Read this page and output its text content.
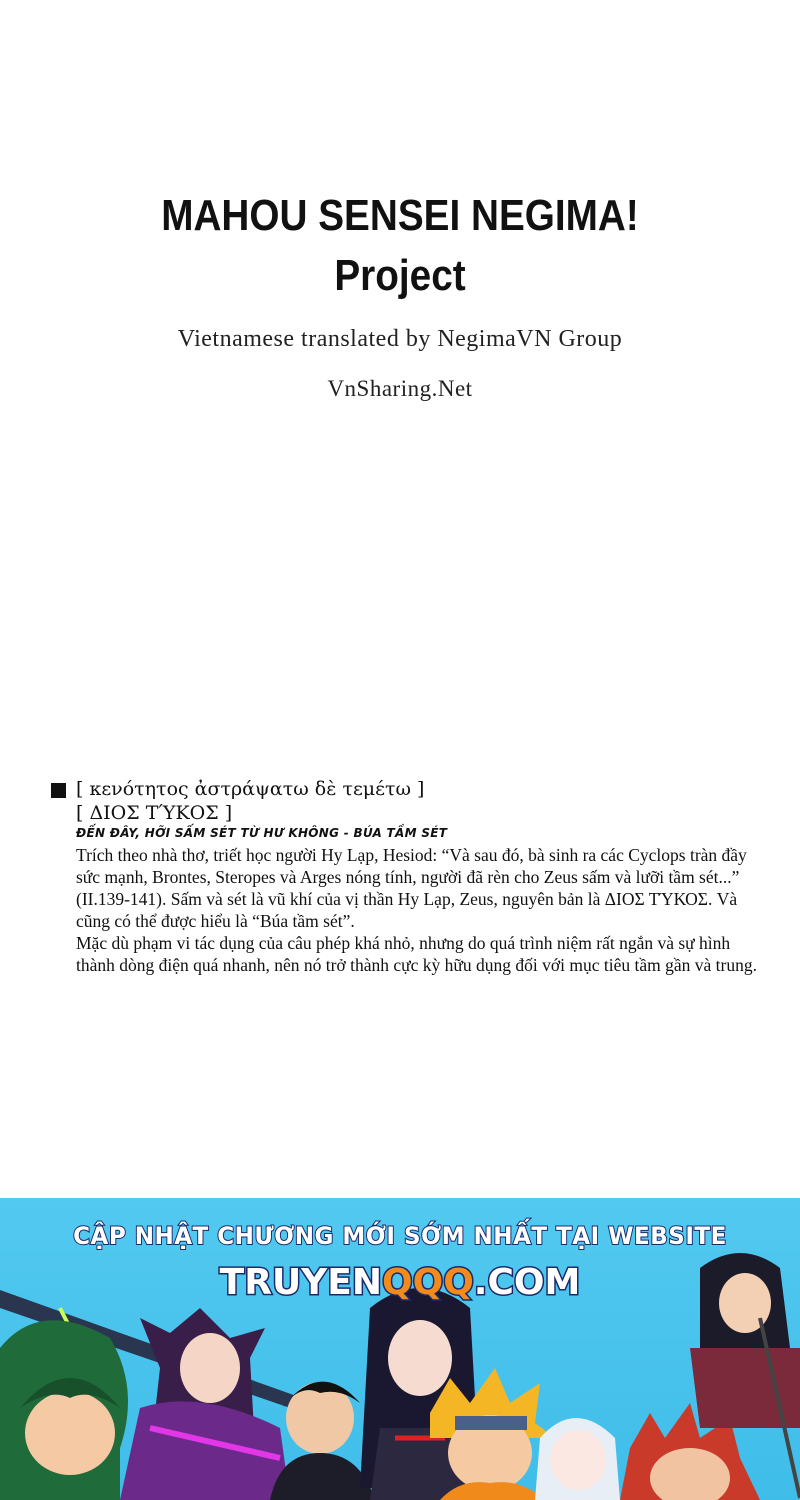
MAHOU SENSEI NEGIMA!
Project
Vietnamese translated by NegimaVN Group
VnSharing.Net
[ κενότητος ἀστράψατω δὲ τεμέτω ]
[ ΔΙΟΣ ΤΎΚΟΣ ]
ĐẾN ĐÂY, HỠI SẤM SÉT TỪ HƯ KHÔNG - BÚA TẦM SÉT

Trích theo nhà thơ, triết học người Hy Lạp, Hesiod: “Và sau đó, bà sinh ra các Cyclops tràn đầy sức mạnh, Brontes, Steropes và Arges nóng tính, người đã rèn cho Zeus sấm và lưỡi tầm sét...” (II.139-141). Sấm và sét là vũ khí của vị thần Hy Lạp, Zeus, nguyên bản là ΔΙΟΣ ΤΎΚΟΣ. Và cũng có thể được hiểu là “Búa tầm sét”.

Mặc dù phạm vi tác dụng của câu phép khá nhỏ, nhưng do quá trình niệm rất ngắn và sự hình thành dòng điện quá nhanh, nên nó trở thành cực kỳ hữu dụng đối với mục tiêu tầm gần và trung.

CẬP NHẬT CHƯƠNG MỚI SỚM NHẤT TẠI WEBSITE
TRUYENQQQ.COM
